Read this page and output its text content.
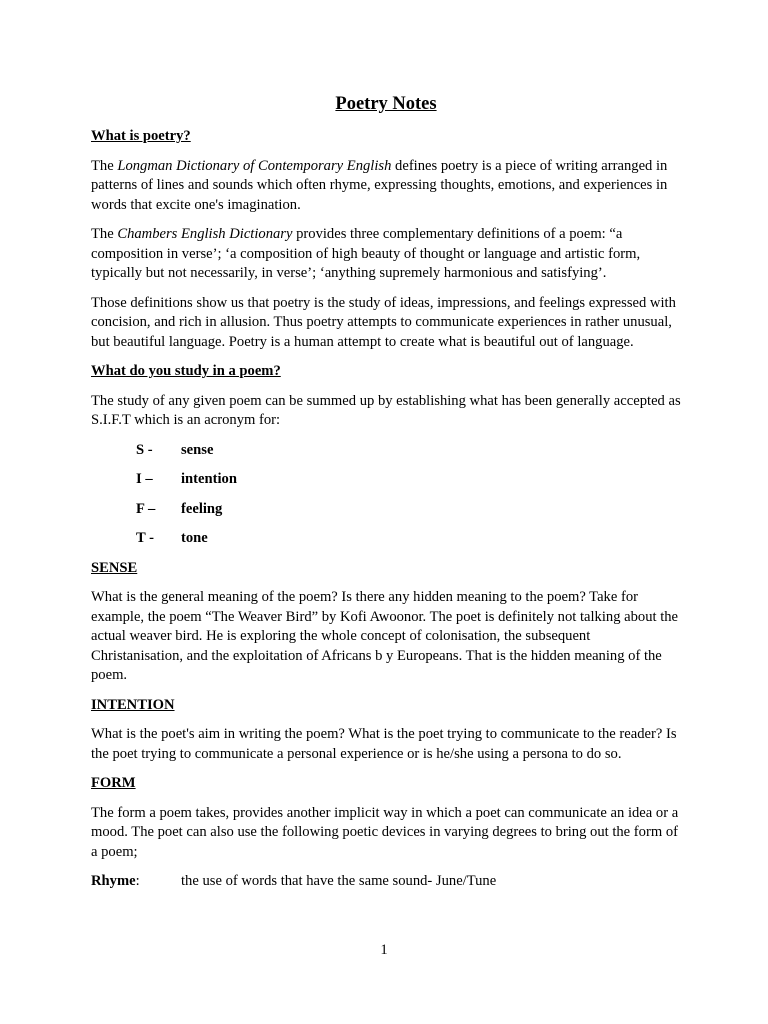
Poetry Notes
What is poetry?

The Longman Dictionary of Contemporary English defines poetry is a piece of writing arranged in patterns of lines and sounds which often rhyme, expressing thoughts, emotions, and experiences in words that excite one's imagination.

The Chambers English Dictionary provides three complementary definitions of a poem: “a composition in verse’; ‘a composition of high beauty of thought or language and artistic form, typically but not necessarily, in verse’; ‘anything supremely harmonious and satisfying’.

Those definitions show us that poetry is the study of ideas, impressions, and feelings expressed with concision, and rich in allusion. Thus poetry attempts to communicate experiences in rather unusual, but beautiful language. Poetry is a human attempt to create what is beautiful out of language.

What do you study in a poem?

The study of any given poem can be summed up by establishing what has been generally accepted as S.I.F.T which is an acronym for:

S -	sense
I –	intention
F –	feeling
T -	tone
SENSE

What is the general meaning of the poem? Is there any hidden meaning to the poem? Take for example, the poem “The Weaver Bird” by Kofi Awoonor. The poet is definitely not talking about the actual weaver bird. He is exploring the whole concept of colonisation, the subsequent Christanisation, and the exploitation of Africans b y Europeans. That is the hidden meaning of the poem.

INTENTION

What is the poet's aim in writing the poem? What is the poet trying to communicate to the reader? Is the poet trying to communicate a personal experience or is he/she using a persona to do so.

FORM

The form a poem takes, provides another implicit way in which a poet can communicate an idea or a mood. The poet can also use the following poetic devices in varying degrees to bring out the form of a poem;

Rhyme:	the use of words that have the same sound- June/Tune
1
